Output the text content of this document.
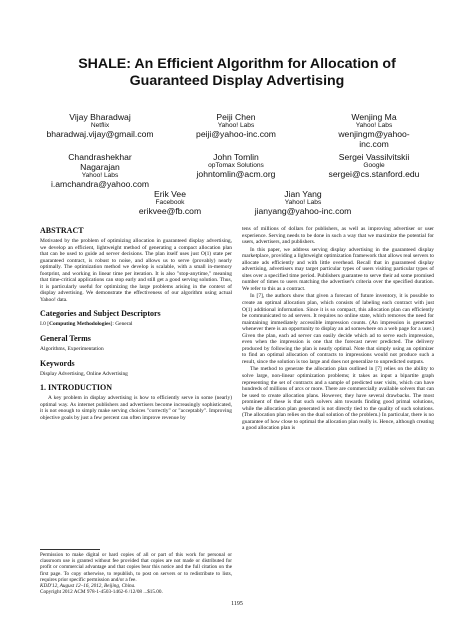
SHALE: An Efficient Algorithm for Allocation of
Guaranteed Display Advertising
Vijay Bharadwaj
Netflix
bharadwaj.vijay@gmail.com
Peiji Chen
Yahoo! Labs
peiji@yahoo-inc.com
Wenjing Ma
Yahoo! Labs
wenjingm@yahoo-
inc.com
Chandrashekhar
Nagarajan
Yahoo! Labs
i.amchandra@yahoo.com
John Tomlin
opTomax Solutions
johntomlin@acm.org
Sergei Vassilvitskii
Google
sergei@cs.stanford.edu
Erik Vee
Facebook
erikvee@fb.com
Jian Yang
Yahoo! Labs
jianyang@yahoo-inc.com
ABSTRACT

Motivated by the problem of optimizing allocation in guaranteed display advertising, we develop an efficient, lightweight method of generating a compact allocation plan that can be used to guide ad server decisions. The plan itself uses just O(1) state per guaranteed contract, is robust to noise, and allows us to serve (provably) nearly optimally. The optimization method we develop is scalable, with a small in-memory footprint, and working in linear time per iteration. It is also "stop-anytime," meaning that time-critical applications can stop early and still get a good serving solution. Thus, it is particularly useful for optimizing the large problems arising in the context of display advertising. We demonstrate the effectiveness of our algorithm using actual Yahoo! data.

Categories and Subject Descriptors

I.0 [Computing Methodologies]: General

General Terms

Algorithms, Experimentation

Keywords

Display Advertising, Online Advertising

1. INTRODUCTION

A key problem in display advertising is how to efficiently serve in some (nearly) optimal way. As internet publishers and advertisers become increasingly sophisticated, it is not enough to simply make serving choices "correctly" or "acceptably". Improving objective goals by just a few percent can often improve revenue by

Permission to make digital or hard copies of all or part of this work for personal or classroom use is granted without fee provided that copies are not made or distributed for profit or commercial advantage and that copies bear this notice and the full citation on the first page. To copy otherwise, to republish, to post on servers or to redistribute to lists, requires prior specific permission and/or a fee.

KDD'12, August 12–16, 2012, Beijing, China.

Copyright 2012 ACM 978-1-4503-1462-6 /12/08 ...$15.00.

tens of millions of dollars for publishers, as well as improving advertiser or user experience. Serving needs to be done in such a way that we maximize the potential for users, advertisers, and publishers.

In this paper, we address serving display advertising in the guaranteed display marketplace, providing a lightweight optimization framework that allows real servers to allocate ads efficiently and with little overhead. Recall that in guaranteed display advertising, advertisers may target particular types of users visiting particular types of sites over a specified time period. Publishers guarantee to serve their ad some promised number of times to users matching the advertiser's criteria over the specified duration. We refer to this as a contract.

In [7], the authors show that given a forecast of future inventory, it is possible to create an optimal allocation plan, which consists of labeling each contract with just O(1) additional information. Since it is so compact, this allocation plan can efficiently be communicated to ad servers. It requires no online state, which removes the need for maintaining immediately accessible impression counts. (An impression is generated whenever there is an opportunity to display an ad somewhere on a web page for a user.) Given the plan, each ad server can easily decide which ad to serve each impression, even when the impression is one that the forecast never predicted. The delivery produced by following the plan is nearly optimal. Note that simply using an optimizer to find an optimal allocation of contracts to impressions would not produce such a result, since the solution is too large and does not generalize to unpredicted outputs.

The method to generate the allocation plan outlined in [7] relies on the ability to solve large, non-linear optimization problems; it takes as input a bipartite graph representing the set of contracts and a sample of predicted user visits, which can have hundreds of millions of arcs or more. There are commercially available solvers that can be used to create allocation plans. However, they have several drawbacks. The most prominent of these is that such solvers aim towards finding good primal solutions, while the allocation plan generated is not directly tied to the quality of such solutions. (The allocation plan relies on the dual solution of the problem.) In particular, there is no guarantee of how close to optimal the allocation plan really is. Hence, although creating a good allocation plan is

1195
